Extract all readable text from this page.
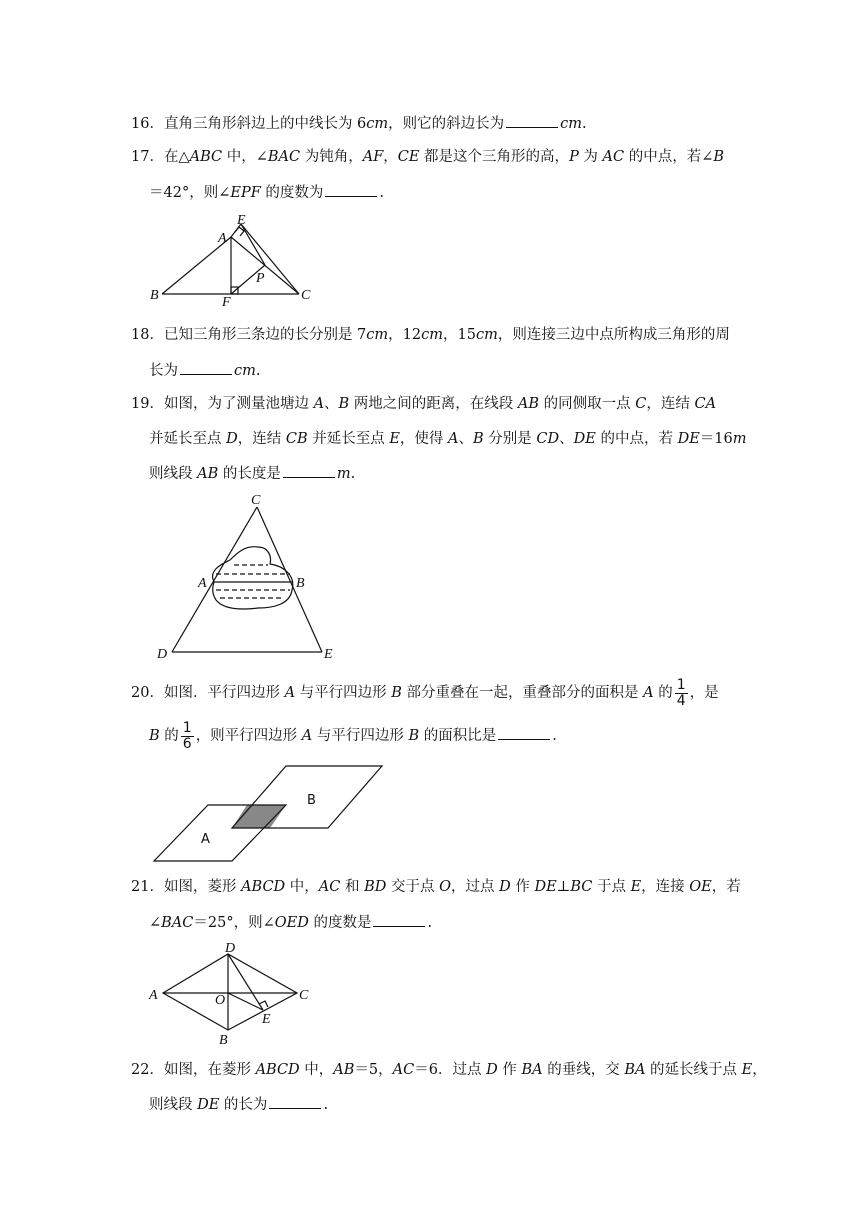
16．直角三角形斜边上的中线长为 6cm，则它的斜边长为	cm.
17．在△ABC 中，∠BAC 为钝角，AF，CE 都是这个三角形的高，P 为 AC 的中点，若∠B
＝42°，则∠EPF 的度数为	.
E
A
P
B	F	C
18．已知三角形三条边的长分别是 7cm，12cm，15cm，则连接三边中点所构成三角形的周
长为	cm.
19．如图，为了测量池塘边 A、B 两地之间的距离，在线段 AB 的同侧取一点 C，连结 CA
并延长至点 D，连结 CB 并延长至点 E，使得 A、B 分别是 CD、DE 的中点，若 DE＝16m
则线段 AB 的长度是	m.
C
A	B
D	E
20．如图．平行四边形 A 与平行四边形 B 部分重叠在一起，重叠部分的面积是 A 的 $\frac{1}{4}$ ，是
B 的 $\frac{1}{6}$ ，则平行四边形 A 与平行四边形 B 的面积比是	.
A
B
21．如图，菱形 ABCD 中，AC 和 BD 交于点 O，过点 D 作 DE⊥BC 于点 E，连接 OE，若
∠BAC＝25°，则∠OED 的度数是	.
D
A	O	C
E
B
22．如图，在菱形 ABCD 中，AB＝5，AC＝6．过点 D 作 BA 的垂线，交 BA 的延长线于点 E，
则线段 DE 的长为	.
